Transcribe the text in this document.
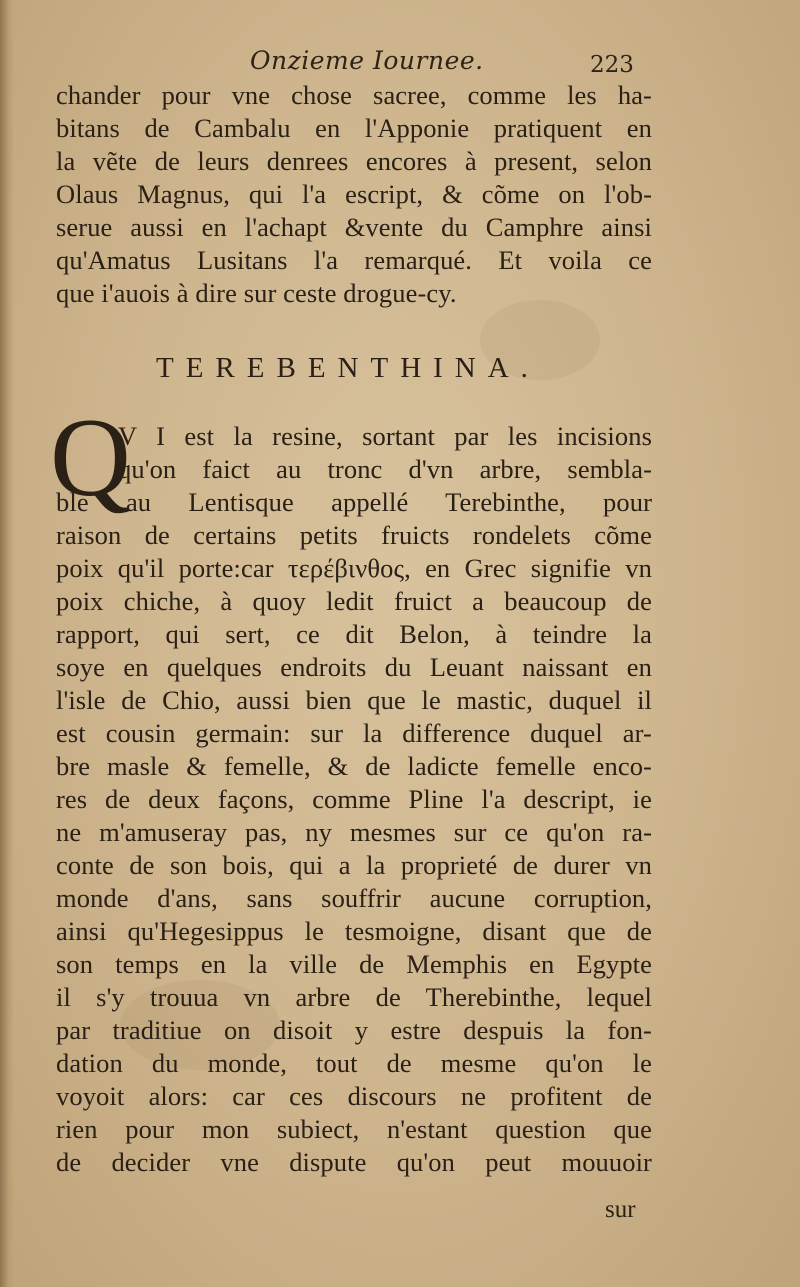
Onzieme Iournee.	223
chander pour vne chose sacree, comme les ha-
bitans de Cambalu en l'Apponie pratiquent en
la vẽte de leurs denrees encores à present, selon
Olaus Magnus, qui l'a escript, & cõme on l'ob-
serue aussi en l'achapt &vente du Camphre ainsi
qu'Amatus Lusitans l'a remarqué. Et voila ce
que i'auois à dire sur ceste drogue-cy.
TEREBENTHINA.
Q
V I est la resine, sortant par les incisions
qu'on faict au tronc d'vn arbre, sembla-
ble au Lentisque appellé Terebinthe, pour
raison de certains petits fruicts rondelets cõme
poix qu'il porte:car τερέβινθος, en Grec signifie vn
poix chiche, à quoy ledit fruict a beaucoup de
rapport, qui sert, ce dit Belon, à teindre la
soye en quelques endroits du Leuant naissant en
l'isle de Chio, aussi bien que le mastic, duquel il
est cousin germain: sur la difference duquel ar-
bre masle & femelle, & de ladicte femelle enco-
res de deux façons, comme Pline l'a descript, ie
ne m'amuseray pas, ny mesmes sur ce qu'on ra-
conte de son bois, qui a la proprieté de durer vn
monde d'ans, sans souffrir aucune corruption,
ainsi qu'Hegesippus le tesmoigne, disant que de
son temps en la ville de Memphis en Egypte
il s'y trouua vn arbre de Therebinthe, lequel
par traditiue on disoit y estre despuis la fon-
dation du monde, tout de mesme qu'on le
voyoit alors: car ces discours ne profitent de
rien pour mon subiect, n'estant question que
de decider vne dispute qu'on peut mouuoir
sur
